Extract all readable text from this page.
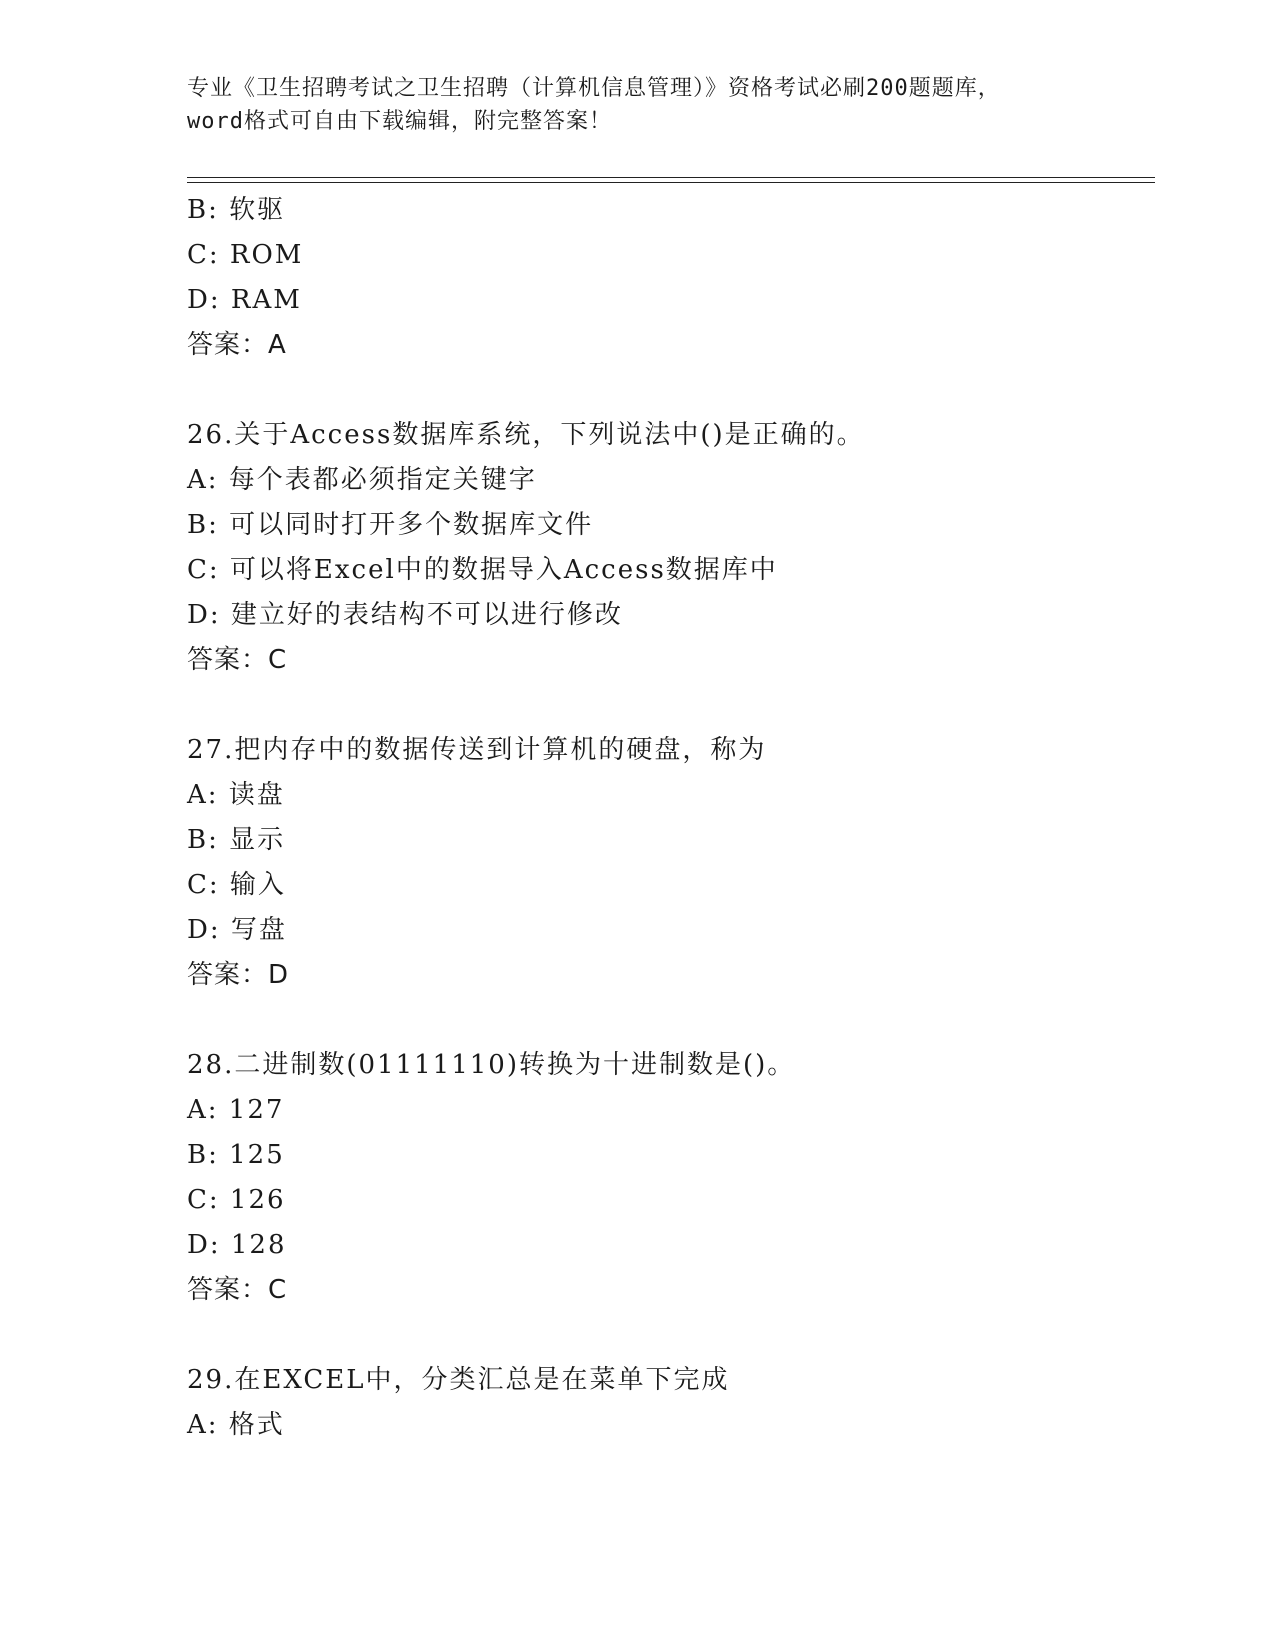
专业《卫生招聘考试之卫生招聘（计算机信息管理）》资格考试必刷200题题库，
word格式可自由下载编辑，附完整答案！
B: 软驱
C: ROM
D: RAM
答案：A
26.关于Access数据库系统，下列说法中()是正确的。
A: 每个表都必须指定关键字
B: 可以同时打开多个数据库文件
C: 可以将Excel中的数据导入Access数据库中
D: 建立好的表结构不可以进行修改
答案：C
27.把内存中的数据传送到计算机的硬盘，称为
A: 读盘
B: 显示
C: 输入
D: 写盘
答案：D
28.二进制数(01111110)转换为十进制数是()。
A: 127
B: 125
C: 126
D: 128
答案：C
29.在EXCEL中，分类汇总是在菜单下完成
A: 格式
